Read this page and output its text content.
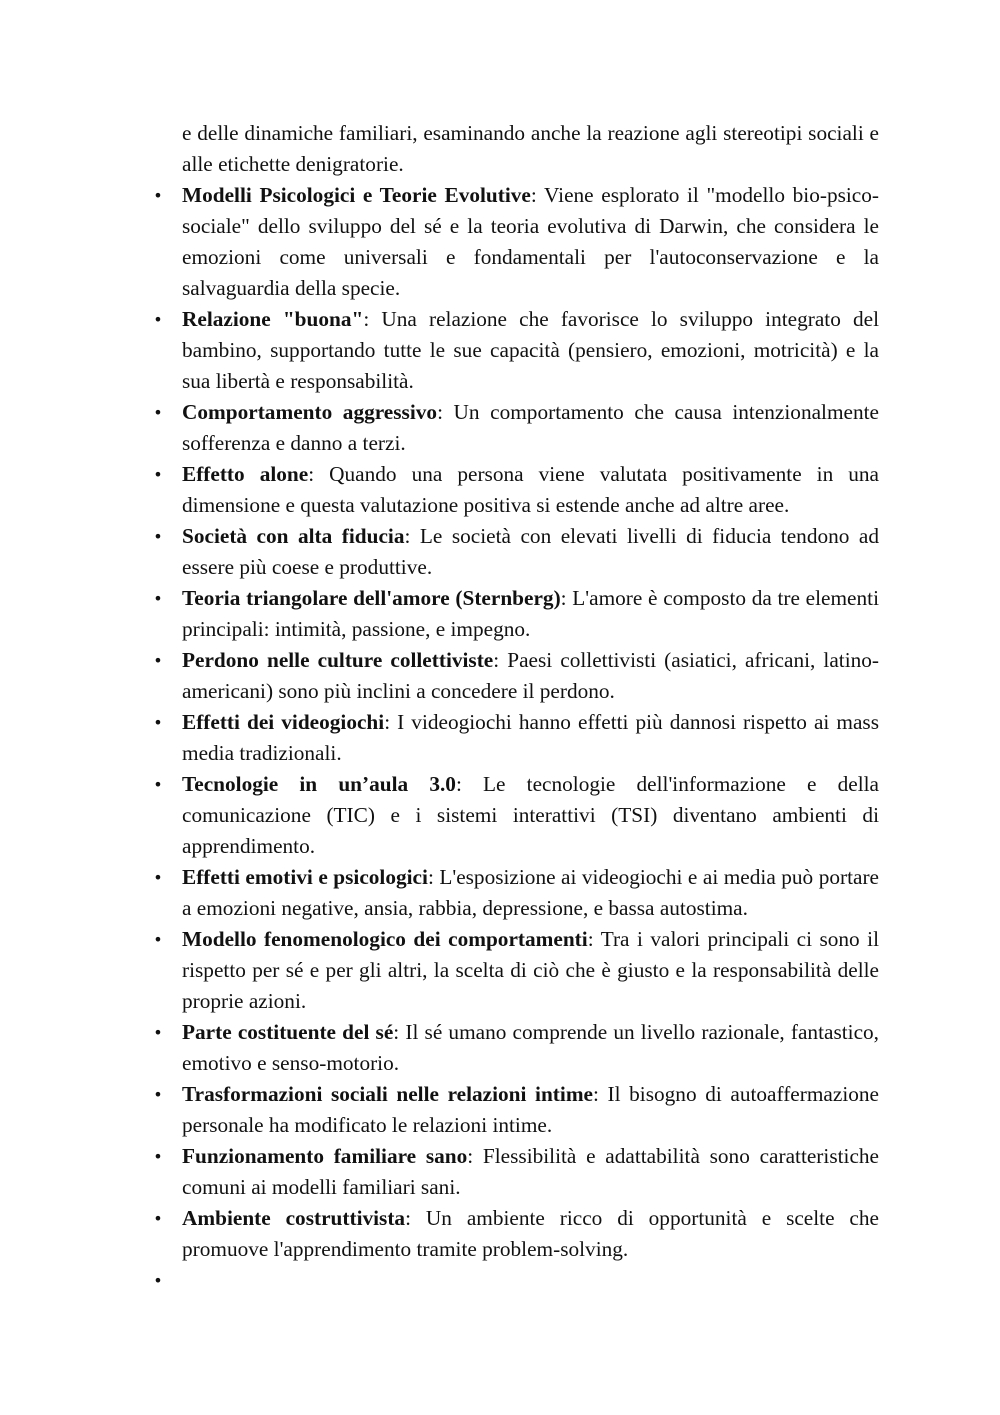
e delle dinamiche familiari, esaminando anche la reazione agli stereotipi sociali e alle etichette denigratorie.

• Modelli Psicologici e Teorie Evolutive: Viene esplorato il "modello bio-psico-sociale" dello sviluppo del sé e la teoria evolutiva di Darwin, che considera le emozioni come universali e fondamentali per l'autoconservazione e la salvaguardia della specie.
• Relazione "buona": Una relazione che favorisce lo sviluppo integrato del bambino, supportando tutte le sue capacità (pensiero, emozioni, motricità) e la sua libertà e responsabilità.
• Comportamento aggressivo: Un comportamento che causa intenzionalmente sofferenza e danno a terzi.
• Effetto alone: Quando una persona viene valutata positivamente in una dimensione e questa valutazione positiva si estende anche ad altre aree.
• Società con alta fiducia: Le società con elevati livelli di fiducia tendono ad essere più coese e produttive.
• Teoria triangolare dell'amore (Sternberg): L'amore è composto da tre elementi principali: intimità, passione, e impegno.
• Perdono nelle culture collettiviste: Paesi collettivisti (asiatici, africani, latino-americani) sono più inclini a concedere il perdono.
• Effetti dei videogiochi: I videogiochi hanno effetti più dannosi rispetto ai mass media tradizionali.
• Tecnologie in un’aula 3.0: Le tecnologie dell'informazione e della comunicazione (TIC) e i sistemi interattivi (TSI) diventano ambienti di apprendimento.
• Effetti emotivi e psicologici: L'esposizione ai videogiochi e ai media può portare a emozioni negative, ansia, rabbia, depressione, e bassa autostima.
• Modello fenomenologico dei comportamenti: Tra i valori principali ci sono il rispetto per sé e per gli altri, la scelta di ciò che è giusto e la responsabilità delle proprie azioni.
• Parte costituente del sé: Il sé umano comprende un livello razionale, fantastico, emotivo e senso-motorio.
• Trasformazioni sociali nelle relazioni intime: Il bisogno di autoaffermazione personale ha modificato le relazioni intime.
• Funzionamento familiare sano: Flessibilità e adattabilità sono caratteristiche comuni ai modelli familiari sani.
• Ambiente costruttivista: Un ambiente ricco di opportunità e scelte che promuove l'apprendimento tramite problem-solving.
•
